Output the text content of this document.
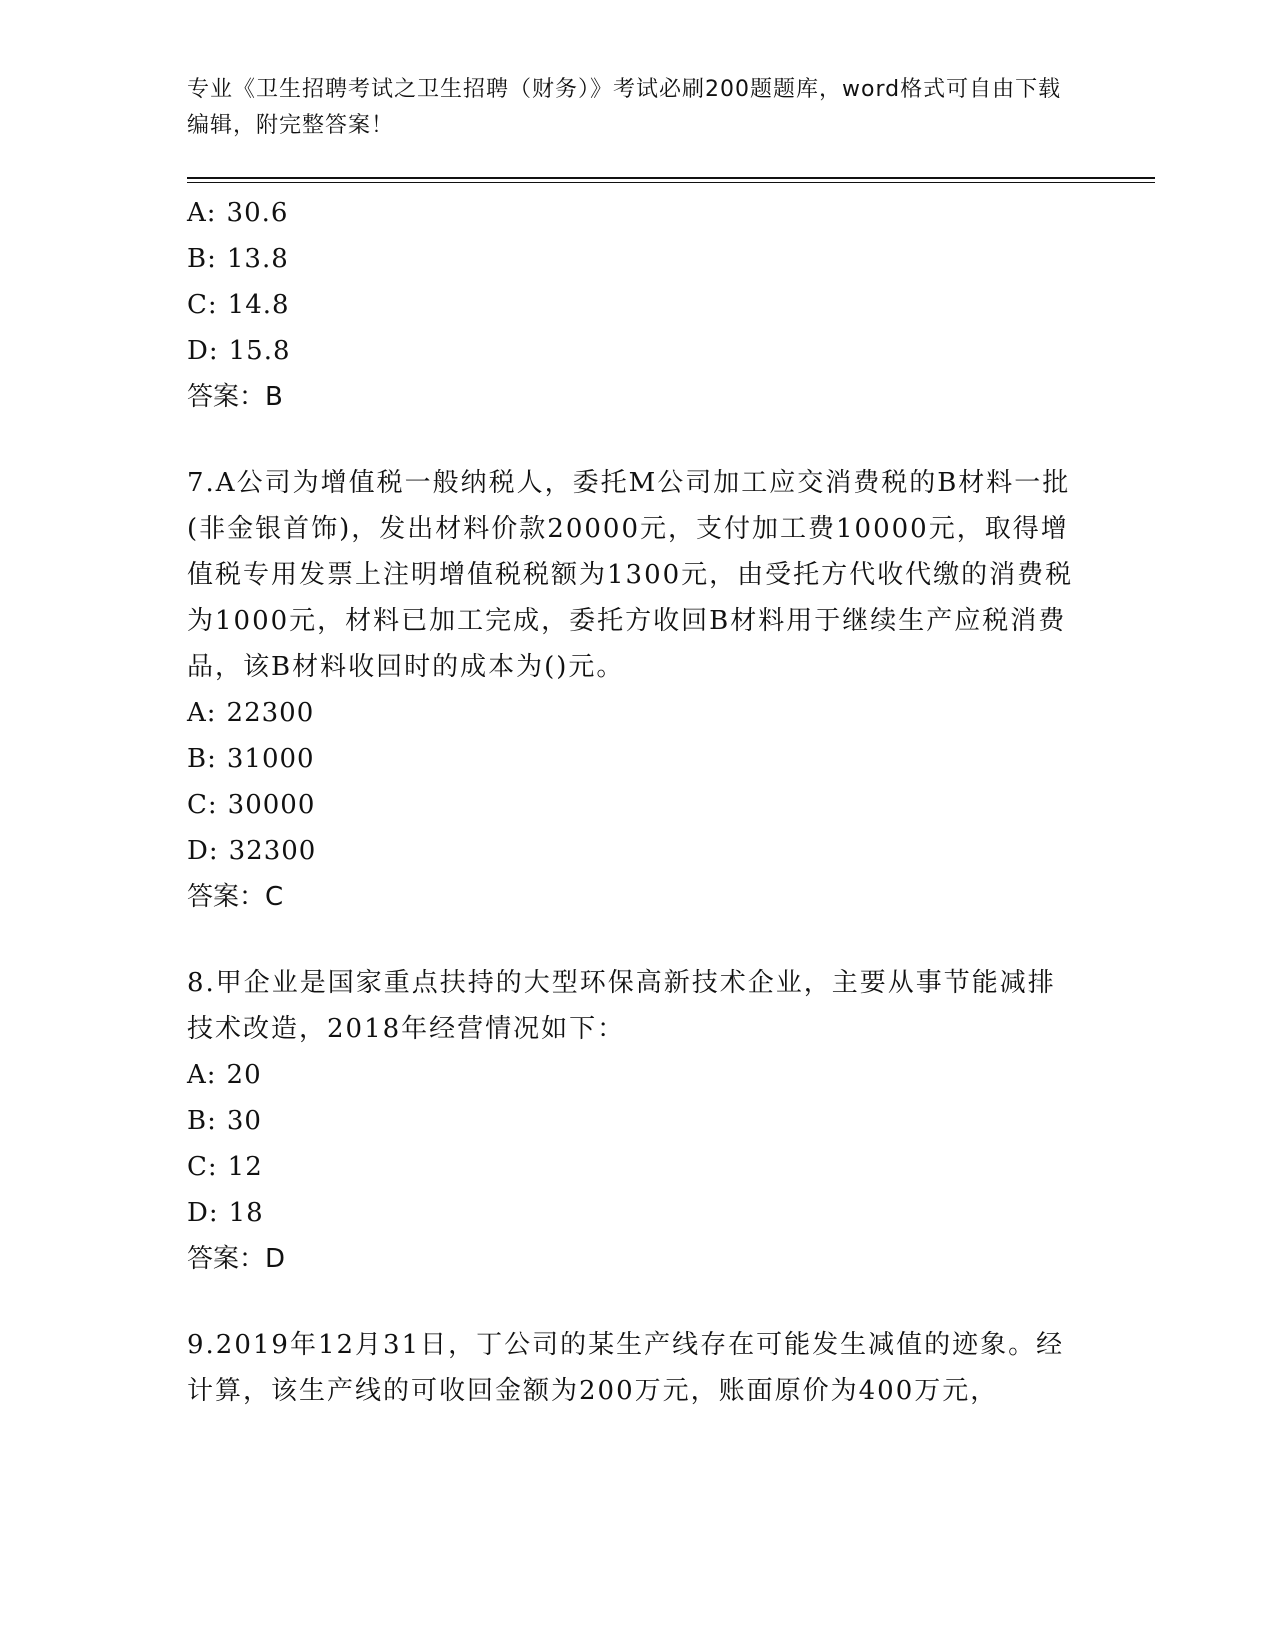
专业《卫生招聘考试之卫生招聘（财务）》考试必刷200题题库，word格式可自由下载编辑，附完整答案！
A: 30.6
B: 13.8
C: 14.8
D: 15.8
答案：B
7.A公司为增值税一般纳税人，委托M公司加工应交消费税的B材料一批(非金银首饰)，发出材料价款20000元，支付加工费10000元，取得增值税专用发票上注明增值税税额为1300元，由受托方代收代缴的消费税为1000元，材料已加工完成，委托方收回B材料用于继续生产应税消费品，该B材料收回时的成本为()元。
A: 22300
B: 31000
C: 30000
D: 32300
答案：C
8.甲企业是国家重点扶持的大型环保高新技术企业，主要从事节能减排技术改造，2018年经营情况如下：
A: 20
B: 30
C: 12
D: 18
答案：D
9.2019年12月31日，丁公司的某生产线存在可能发生减值的迹象。经计算，该生产线的可收回金额为200万元，账面原价为400万元，
